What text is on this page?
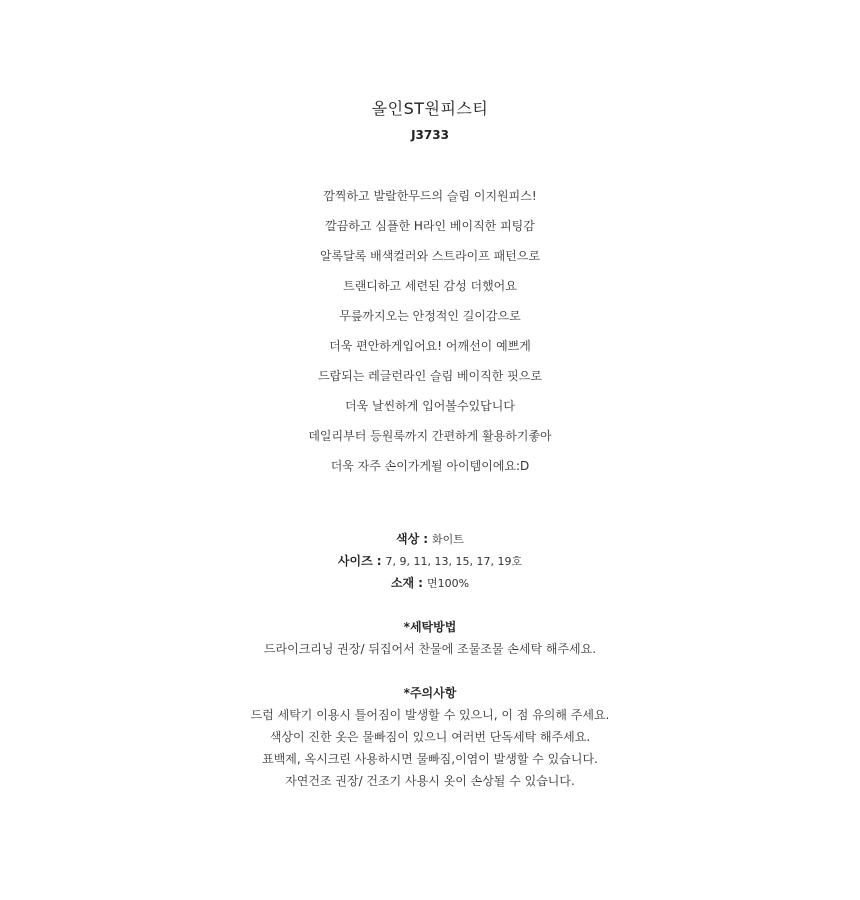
올인ST원피스티
J3733
깜찍하고 발랄한무드의 슬림 이지원피스!
깔끔하고 심플한 H라인 베이직한 피팅감
알록달록 배색컬러와 스트라이프 패턴으로
트랜디하고 세련된 감성 더했어요
무릎까지오는 안정적인 길이감으로
더욱 편안하게입어요! 어깨선이 예쁘게
드랍되는 레글런라인 슬림 베이직한 핏으로
더욱 날씬하게 입어볼수있답니다
데일리부터 등원룩까지 간편하게 활용하기좋아
더욱 자주 손이가게될 아이템이에요:D
색상 : 화이트
사이즈 : 7, 9, 11, 13, 15, 17, 19호
소재 : 면100%
*세탁방법
드라이크리닝 권장/ 뒤집어서 찬물에 조물조물 손세탁 해주세요.
*주의사항
드럼 세탁기 이용시 틀어짐이 발생할 수 있으니, 이 점 유의해 주세요.
색상이 진한 옷은 물빠짐이 있으니 여러번 단독세탁 해주세요.
표백제, 옥시크린 사용하시면 물빠짐,이염이 발생할 수 있습니다.
자연건조 권장/ 건조기 사용시 옷이 손상될 수 있습니다.
